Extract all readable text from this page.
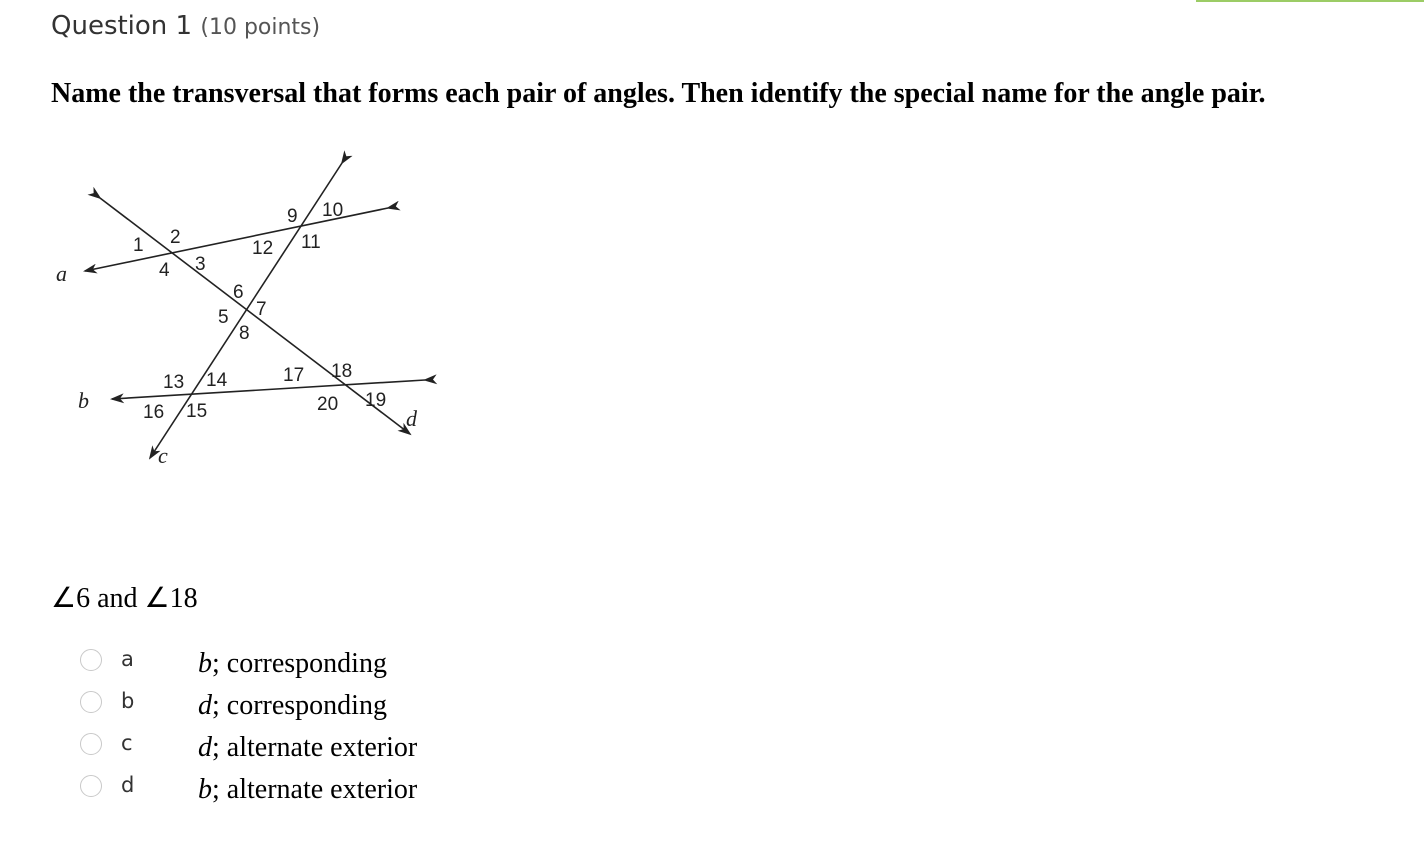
Question 1 (10 points)
Name the transversal that forms each pair of angles. Then identify the special name for the angle pair.
a
b
c
d
1 2
3
4
5
6
7
8
9 10
11
12
13 14
15
16
17 18
19
20
∠6 and ∠18
a b; corresponding
b d; corresponding
c d; alternate exterior
d b; alternate exterior
